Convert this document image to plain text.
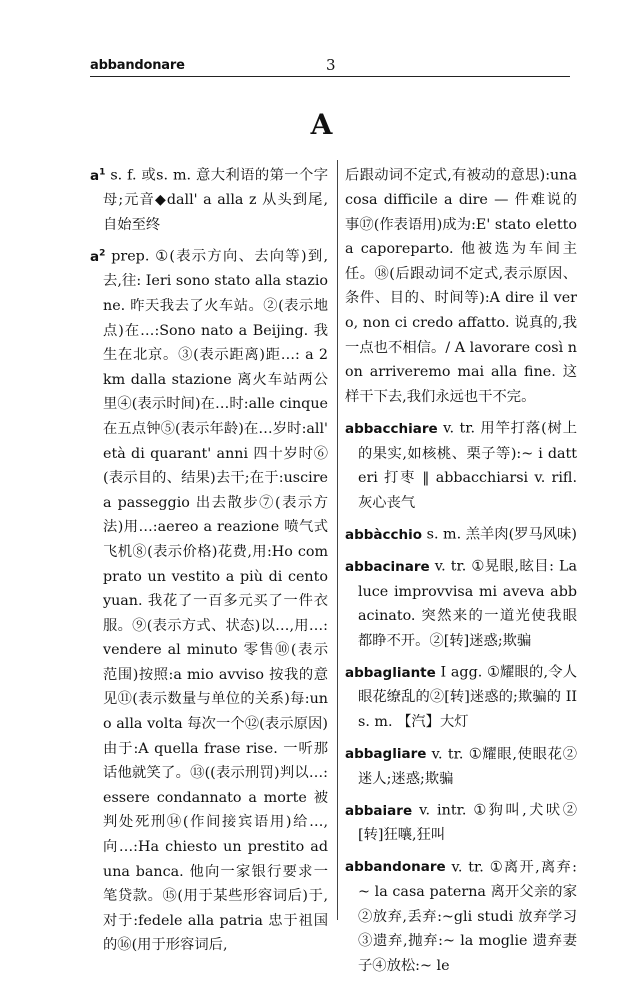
abbandonare	3
A

$a^1$ s. f. 或s. m. 意大利语的第一个字母;元音◆dall' a alla z 从头到尾,自始至终

$a^2$ prep. ①(表示方向、去向等)到,去,往: Ieri sono stato alla stazione. 昨天我去了火车站。②(表示地点)在…:Sono nato a Beijing. 我生在北京。③(表示距离)距…: a 2 km dalla stazione 离火车站两公里④(表示时间)在…时:alle cinque 在五点钟⑤(表示年龄)在…岁时:all' età di quarant' anni 四十岁时⑥(表示目的、结果)去干;在于:uscire a passeggio 出去散步⑦(表示方法)用…:aereo a reazione 喷气式飞机⑧(表示价格)花费,用:Ho comprato un vestito a più di cento yuan. 我花了一百多元买了一件衣服。⑨(表示方式、状态)以…,用…:vendere al minuto 零售⑩(表示范围)按照:a mio avviso 按我的意见⑪(表示数量与单位的关系)每:uno alla volta 每次一个⑫(表示原因)由于:A quella frase rise. 一听那话他就笑了。⑬((表示刑罚)判以…:essere condannato a morte 被判处死刑⑭(作间接宾语用)给…,向…:Ha chiesto un prestito ad una banca. 他向一家银行要求一笔贷款。⑮(用于某些形容词后)于,对于:fedele alla patria 忠于祖国的⑯(用于形容词后,

后跟动词不定式,有被动的意思):una cosa difficile a dire — 件难说的事⑰(作表语用)成为:E' stato eletto a caporeparto. 他被选为车间主任。⑱(后跟动词不定式,表示原因、条件、目的、时间等):A dire il vero, non ci credo affatto. 说真的,我一点也不相信。/ A lavorare così non arriveremo mai alla fine. 这样干下去,我们永远也干不完。

abbacchiare v. tr. 用竿打落(树上的果实,如核桃、栗子等):~ i datteri 打枣 ‖ abbacchiarsi v. rifl. 灰心丧气

abbàcchio s. m. 羔羊肉(罗马风味)

abbacinare v. tr. ①晃眼,眩目: La luce improvvisa mi aveva abbacinato. 突然来的一道光使我眼都睁不开。②[转]迷惑;欺骗

abbagliante I agg. ①耀眼的,令人眼花缭乱的②[转]迷惑的;欺骗的 II s. m. 【汽】大灯

abbagliare v. tr. ①耀眼,使眼花②迷人;迷惑;欺骗

abbaiare v. intr. ①狗叫,犬吠②[转]狂嚷,狂叫

abbandonare v. tr. ①离开,离弃:~ la casa paterna 离开父亲的家②放弃,丢弃:~gli studi 放弃学习③遗弃,抛弃:~ la moglie 遗弃妻子④放松:~ le
